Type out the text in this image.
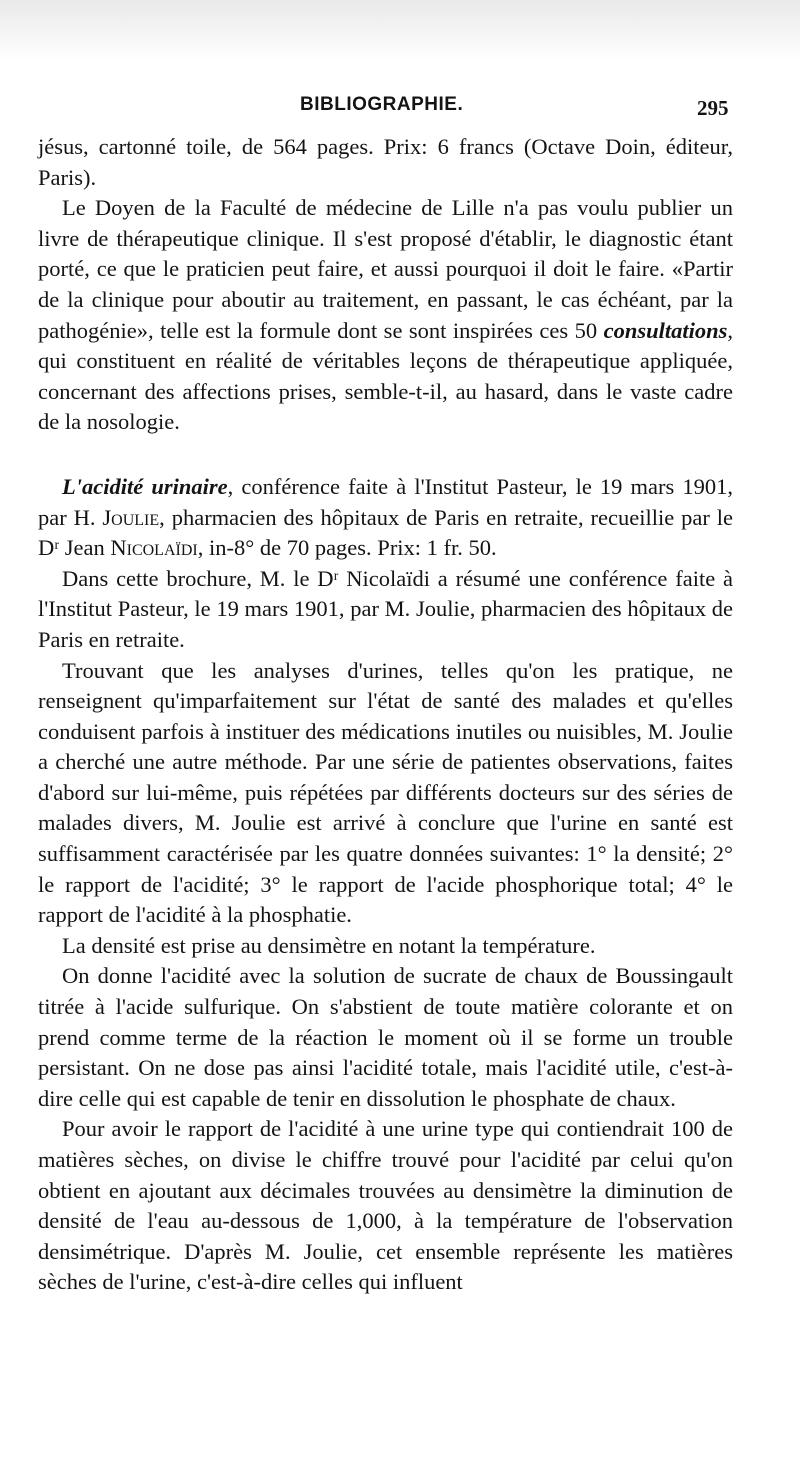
BIBLIOGRAPHIE.	295

jésus, cartonné toile, de 564 pages. Prix: 6 francs (Octave Doin, éditeur, Paris).

Le Doyen de la Faculté de médecine de Lille n'a pas voulu publier un livre de thérapeutique clinique. Il s'est proposé d'établir, le diagnostic étant porté, ce que le praticien peut faire, et aussi pourquoi il doit le faire. «Partir de la clinique pour aboutir au traitement, en passant, le cas échéant, par la pathogénie», telle est la formule dont se sont inspirées ces 50 consultations, qui constituent en réalité de véritables leçons de thérapeutique appliquée, concernant des affections prises, semble-t-il, au hasard, dans le vaste cadre de la nosologie.

L'acidité urinaire, conférence faite à l'Institut Pasteur, le 19 mars 1901, par H. Joulie, pharmacien des hôpitaux de Paris en retraite, recueillie par le Dʳ Jean Nicolaïdi, in-8° de 70 pages. Prix: 1 fr. 50.

Dans cette brochure, M. le Dʳ Nicolaïdi a résumé une conférence faite à l'Institut Pasteur, le 19 mars 1901, par M. Joulie, pharmacien des hôpitaux de Paris en retraite.

Trouvant que les analyses d'urines, telles qu'on les pratique, ne renseignent qu'imparfaitement sur l'état de santé des malades et qu'elles conduisent parfois à instituer des médications inutiles ou nuisibles, M. Joulie a cherché une autre méthode. Par une série de patientes observations, faites d'abord sur lui-même, puis répétées par différents docteurs sur des séries de malades divers, M. Joulie est arrivé à conclure que l'urine en santé est suffisamment caractérisée par les quatre données suivantes: 1° la densité; 2° le rapport de l'acidité; 3° le rapport de l'acide phosphorique total; 4° le rapport de l'acidité à la phosphatie.

La densité est prise au densimètre en notant la température.

On donne l'acidité avec la solution de sucrate de chaux de Boussingault titrée à l'acide sulfurique. On s'abstient de toute matière colorante et on prend comme terme de la réaction le moment où il se forme un trouble persistant. On ne dose pas ainsi l'acidité totale, mais l'acidité utile, c'est-à-dire celle qui est capable de tenir en dissolution le phosphate de chaux.

Pour avoir le rapport de l'acidité à une urine type qui contiendrait 100 de matières sèches, on divise le chiffre trouvé pour l'acidité par celui qu'on obtient en ajoutant aux décimales trouvées au densimètre la diminution de densité de l'eau au-dessous de 1,000, à la température de l'observation densimétrique. D'après M. Joulie, cet ensemble représente les matières sèches de l'urine, c'est-à-dire celles qui influent
